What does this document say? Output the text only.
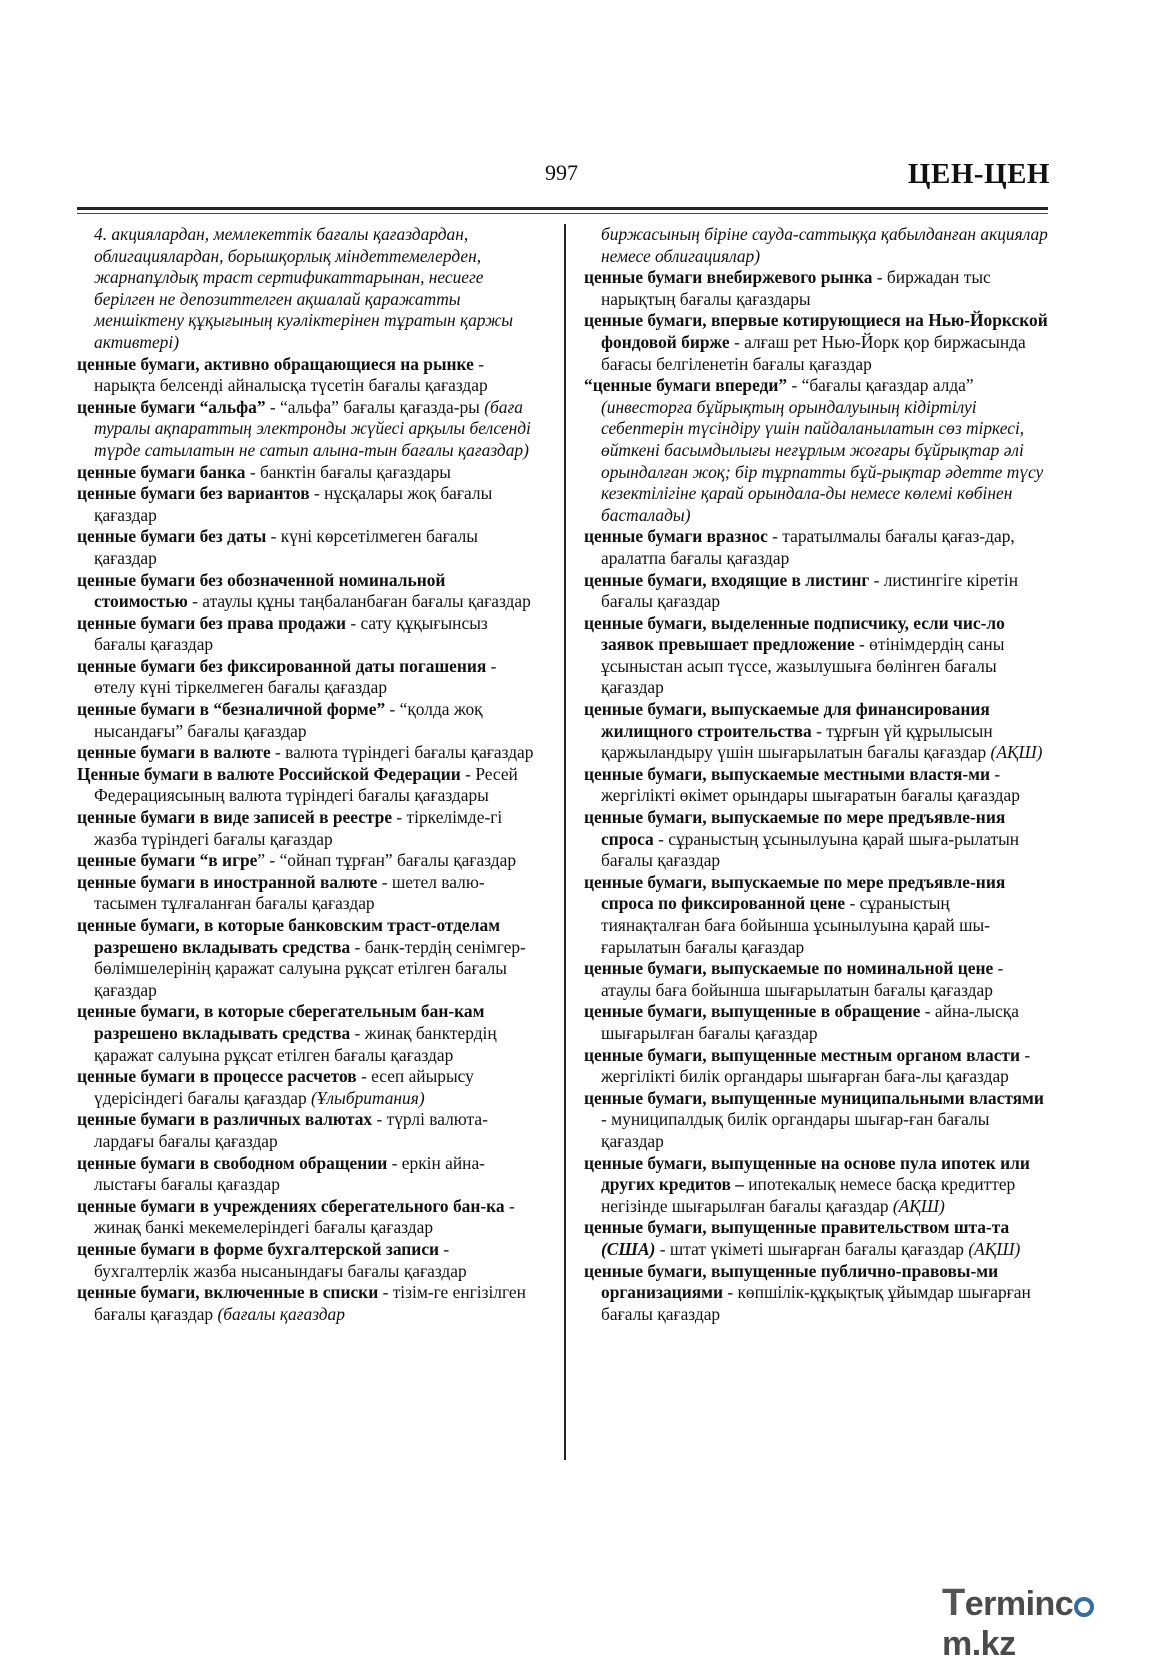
997	ЦЕН-ЦЕН
4. акциялардан, мемлекеттік бағалы қағаздардан, облигациялардан, борышқорлық міндеттемелерден, жарнапұлдық траст сертификаттарынан, несиеге берілген не депозиттелген ақшалай қаражатты меншіктену құқығының куәліктерінен тұратын қаржы активтері)
ценные бумаги, активно обращающиеся на рынке - нарықта белсенді айналысқа түсетін бағалы қағаздар
ценные бумаги “альфа” - “альфа” бағалы қағазда-ры (баға туралы ақпараттың электронды жүйесі арқылы белсенді түрде сатылатын не сатып алына-тын бағалы қағаздар)
ценные бумаги банка - банктін бағалы қағаздары
ценные бумаги без вариантов - нұсқалары жоқ бағалы қағаздар
ценные бумаги без даты - күні көрсетілмеген бағалы қағаздар
ценные бумаги без обозначенной номинальной стоимостью - атаулы құны таңбаланбаған бағалы қағаздар
ценные бумаги без права продажи - сату құқығынсыз бағалы қағаздар
ценные бумаги без фиксированной даты погашения - өтелу күні тіркелмеген бағалы қағаздар
ценные бумаги в “безналичной форме” - “қолда жоқ нысандағы” бағалы қағаздар
ценные бумаги в валюте - валюта түріндегі бағалы қағаздар
Ценные бумаги в валюте Российской Федерации - Ресей Федерациясының валюта түріндегі бағалы қағаздары
ценные бумаги в виде записей в реестре - тіркелімде-гі жазба түріндегі бағалы қағаздар
ценные бумаги “в игре” - “ойнап тұрған” бағалы қағаздар
ценные бумаги в иностранной валюте - шетел валю-тасымен тұлғаланған бағалы қағаздар
ценные бумаги, в которые банковским траст-отделам разрешено вкладывать средства - банк-тердің сенімгер-бөлімшелерінің қаражат салуына рұқсат етілген бағалы қағаздар
ценные бумаги, в которые сберегательным бан-кам разрешено вкладывать средства - жинақ банктердің қаражат салуына рұқсат етілген бағалы қағаздар
ценные бумаги в процессе расчетов - есеп айырысу үдерісіндегі бағалы қағаздар (Ұлыбритания)
ценные бумаги в различных валютах - түрлі валюта-лардағы бағалы қағаздар
ценные бумаги в свободном обращении - еркін айна-лыстағы бағалы қағаздар
ценные бумаги в учреждениях сберегательного бан-ка - жинақ банкі мекемелеріндегі бағалы қағаздар
ценные бумаги в форме бухгалтерской записи - бухгалтерлік жазба нысанындағы бағалы қағаздар
ценные бумаги, включенные в списки - тізім-ге енгізілген бағалы қағаздар (бағалы қағаздар
биржасының біріне сауда-саттыққа қабылданған акциялар немесе облигациялар)
ценные бумаги внебиржевого рынка - биржадан тыс нарықтың бағалы қағаздары
ценные бумаги, впервые котирующиеся на Нью-Йоркской фондовой бирже - алғаш рет Нью-Йорк қор биржасында бағасы белгіленетін бағалы қағаздар
“ценные бумаги впереди” - “бағалы қағаздар алда” (инвесторға бұйрықтың орындалуының кідіртілуі себептерін түсіндіру үшін пайдаланылатын сөз тіркесі, өйткені басымдылығы неғұрлым жоғары бұйрықтар әлі орындалған жоқ; бір тұрпатты бұй-рықтар әдетте түсу кезектілігіне қарай орындала-ды немесе көлемі көбінен басталады)
ценные бумаги вразнос - таратылмалы бағалы қағаз-дар, аралатпа бағалы қағаздар
ценные бумаги, входящие в листинг - листингіге кіретін бағалы қағаздар
ценные бумаги, выделенные подписчику, если чис-ло заявок превышает предложение - өтінімдердің саны ұсыныстан асып түссе, жазылушыға бөлінген бағалы қағаздар
ценные бумаги, выпускаемые для финансирования жилищного строительства - тұрғын үй құрылысын қаржыландыру үшін шығарылатын бағалы қағаздар (АҚШ)
ценные бумаги, выпускаемые местными властя-ми - жергілікті өкімет орындары шығаратын бағалы қағаздар
ценные бумаги, выпускаемые по мере предъявле-ния спроса - сұраныстың ұсынылуына қарай шыға-рылатын бағалы қағаздар
ценные бумаги, выпускаемые по мере предъявле-ния спроса по фиксированной цене - сұраныстың тиянақталған баға бойынша ұсынылуына қарай шы-ғарылатын бағалы қағаздар
ценные бумаги, выпускаемые по номинальной цене - атаулы баға бойынша шығарылатын бағалы қағаздар
ценные бумаги, выпущенные в обращение - айна-лысқа шығарылған бағалы қағаздар
ценные бумаги, выпущенные местным органом власти - жергілікті билік органдары шығарған баға-лы қағаздар
ценные бумаги, выпущенные муниципальными властями - муниципалдық билік органдары шығар-ған бағалы қағаздар
ценные бумаги, выпущенные на основе пула ипотек или других кредитов – ипотекалық немесе басқа кредиттер негізінде шығарылған бағалы қағаздар (АҚШ)
ценные бумаги, выпущенные правительством шта-та (США) - штат үкіметі шығарған бағалы қағаздар (АҚШ)
ценные бумаги, выпущенные публично-правовы-ми организациями - көпшілік-құқықтық ұйымдар шығарған бағалы қағаздар
Termincm.kz
